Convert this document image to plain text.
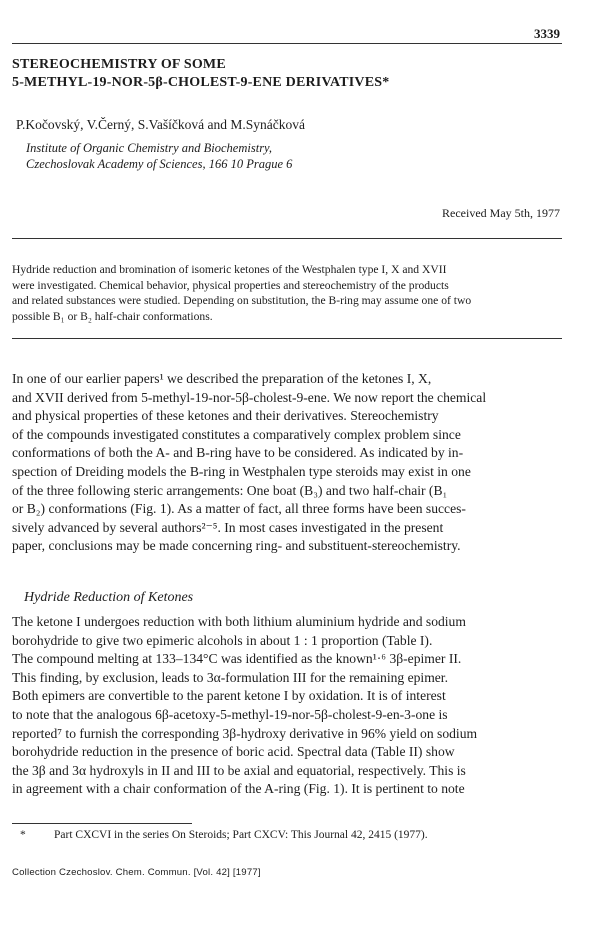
3339
STEREOCHEMISTRY OF SOME
5-METHYL-19-NOR-5β-CHOLEST-9-ENE DERIVATIVES*
P.Kočovský, V.Černý, S.Vašíčková and M.Synáčková
Institute of Organic Chemistry and Biochemistry,
Czechoslovak Academy of Sciences, 166 10 Prague 6
Received May 5th, 1977
Hydride reduction and bromination of isomeric ketones of the Westphalen type I, X and XVII
were investigated. Chemical behavior, physical properties and stereochemistry of the products
and related substances were studied. Depending on substitution, the B-ring may assume one of two
possible B₁ or B₂ half-chair conformations.
In one of our earlier papers¹ we described the preparation of the ketones I, X,
and XVII derived from 5-methyl-19-nor-5β-cholest-9-ene. We now report the chemical
and physical properties of these ketones and their derivatives. Stereochemistry
of the compounds investigated constitutes a comparatively complex problem since
conformations of both the A- and B-ring have to be considered. As indicated by in-
spection of Dreiding models the B-ring in Westphalen type steroids may exist in one
of the three following steric arrangements: One boat (B₃) and two half-chair (B₁
or B₂) conformations (Fig. 1). As a matter of fact, all three forms have been succes-
sively advanced by several authors²⁻⁵. In most cases investigated in the present
paper, conclusions may be made concerning ring- and substituent-stereochemistry.
Hydride Reduction of Ketones
The ketone I undergoes reduction with both lithium aluminium hydride and sodium
borohydride to give two epimeric alcohols in about 1 : 1 proportion (Table I).
The compound melting at 133–134°C was identified as the known¹·⁶ 3β-epimer II.
This finding, by exclusion, leads to 3α-formulation III for the remaining epimer.
Both epimers are convertible to the parent ketone I by oxidation. It is of interest
to note that the analogous 6β-acetoxy-5-methyl-19-nor-5β-cholest-9-en-3-one is
reported⁷ to furnish the corresponding 3β-hydroxy derivative in 96% yield on sodium
borohydride reduction in the presence of boric acid. Spectral data (Table II) show
the 3β and 3α hydroxyls in II and III to be axial and equatorial, respectively. This is
in agreement with a chair conformation of the A-ring (Fig. 1). It is pertinent to note
* Part CXCVI in the series On Steroids; Part CXCV: This Journal 42, 2415 (1977).
Collection Czechoslov. Chem. Commun. [Vol. 42] [1977]
